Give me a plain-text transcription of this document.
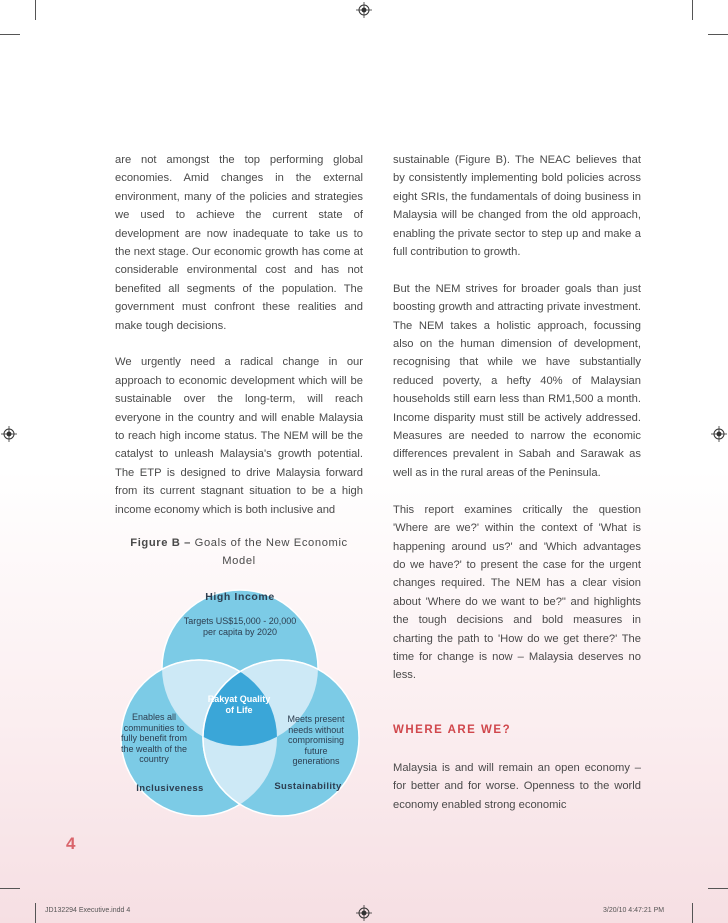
are not amongst the top performing global economies. Amid changes in the external environment, many of the policies and strategies we used to achieve the current state of development are now inadequate to take us to the next stage. Our economic growth has come at considerable environmental cost and has not benefited all segments of the population. The government must confront these realities and make tough decisions.

We urgently need a radical change in our approach to economic development which will be sustainable over the long-term, will reach everyone in the country and will enable Malaysia to reach high income status. The NEM will be the catalyst to unleash Malaysia's growth potential. The ETP is designed to drive Malaysia forward from its current stagnant situation to be a high income economy which is both inclusive and

Figure B – Goals of the New Economic Model
High Income
Targets US$15,000 - 20,000 per capita by 2020
Rakyat Quality of Life
Enables all communities to fully benefit from the wealth of the country
Meets present needs without compromising future generations
Inclusiveness	Sustainability

sustainable (Figure B). The NEAC believes that by consistently implementing bold policies across eight SRIs, the fundamentals of doing business in Malaysia will be changed from the old approach, enabling the private sector to step up and make a full contribution to growth.

But the NEM strives for broader goals than just boosting growth and attracting private investment. The NEM takes a holistic approach, focussing also on the human dimension of development, recognising that while we have substantially reduced poverty, a hefty 40% of Malaysian households still earn less than RM1,500 a month. Income disparity must still be actively addressed. Measures are needed to narrow the economic differences prevalent in Sabah and Sarawak as well as in the rural areas of the Peninsula.

This report examines critically the question 'Where are we?' within the context of 'What is happening around us?' and 'Which advantages do we have?' to present the case for the urgent changes required. The NEM has a clear vision about 'Where do we want to be?" and highlights the tough decisions and bold measures in charting the path to 'How do we get there?' The time for change is now – Malaysia deserves no less.

WHERE ARE WE?

Malaysia is and will remain an open economy – for better and for worse. Openness to the world economy enabled strong economic

4
JD132294 Executive.indd 4	3/20/10 4:47:21 PM
